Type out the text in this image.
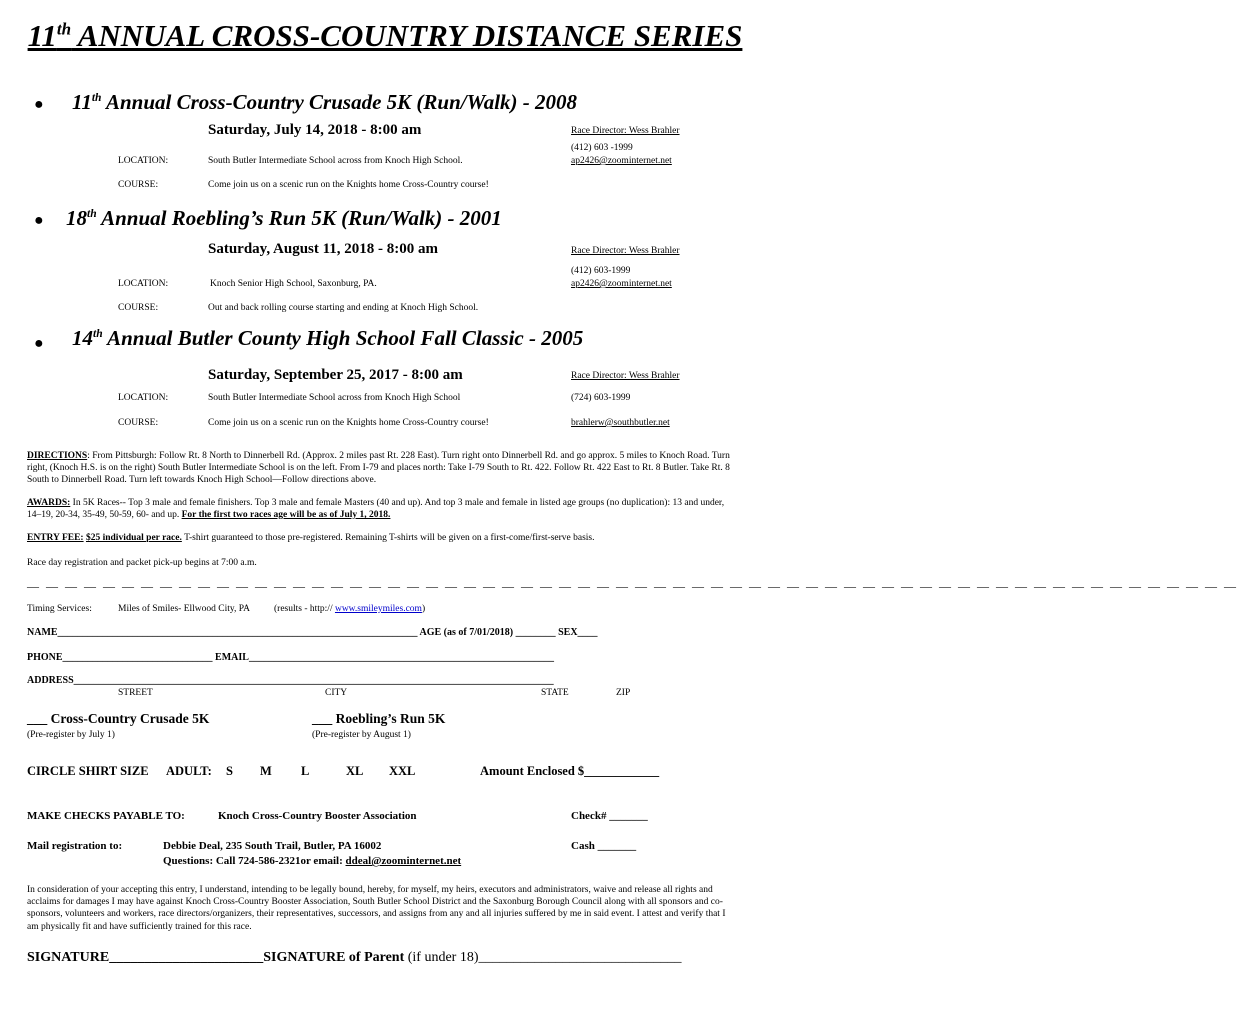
11th ANNUAL CROSS-COUNTRY DISTANCE SERIES
● 11th Annual Cross-Country Crusade 5K (Run/Walk) - 2008
Saturday, July 14, 2018 - 8:00 am	Race Director: Wess Brahler
(412) 603 -1999
ap2426@zoominternet.net
LOCATION:	South Butler Intermediate School across from Knoch High School.
COURSE:	Come join us on a scenic run on the Knights home Cross-Country course!
● 18th Annual Roebling’s Run 5K (Run/Walk) - 2001
Saturday, August 11, 2018 - 8:00 am	Race Director: Wess Brahler
(412) 603-1999
ap2426@zoominternet.net
LOCATION:	Knoch Senior High School, Saxonburg, PA.
COURSE:	Out and back rolling course starting and ending at Knoch High School.
● 14th Annual Butler County High School Fall Classic - 2005
Saturday, September 25, 2017 - 8:00 am	Race Director: Wess Brahler
LOCATION:	South Butler Intermediate School across from Knoch High School	(724) 603-1999
COURSE:	Come join us on a scenic run on the Knights home Cross-Country course!	brahlerw@southbutler.net
DIRECTIONS: From Pittsburgh: Follow Rt. 8 North to Dinnerbell Rd. (Approx. 2 miles past Rt. 228 East). Turn right onto Dinnerbell Rd. and go approx. 5 miles to Knoch Road. Turn right, (Knoch H.S. is on the right) South Butler Intermediate School is on the left. From I-79 and places north: Take I-79 South to Rt. 422. Follow Rt. 422 East to Rt. 8 Butler. Take Rt. 8 South to Dinnerbell Road. Turn left towards Knoch High School—Follow directions above.
AWARDS: In 5K Races-- Top 3 male and female finishers. Top 3 male and female Masters (40 and up). And top 3 male and female in listed age groups (no duplication): 13 and under, 14–19, 20-34, 35-49, 50-59, 60- and up. For the first two races age will be as of July 1, 2018.
ENTRY FEE: $25 individual per race. T-shirt guaranteed to those pre-registered. Remaining T-shirts will be given on a first-come/first-serve basis.
Race day registration and packet pick-up begins at 7:00 a.m.
— — — — — — — — — — — — — — — — — — — — — — — — — — — — — — — — — — — — — — — — — — — — — — — — — — — — — — — — — — — — — — — —
Timing Services:	Miles of Smiles- Ellwood City, PA	(results - http:// www.smileymiles.com)
NAME________________________________________________________________________ AGE (as of 7/01/2018) ________ SEX____
PHONE______________________________ EMAIL_____________________________________________________________
ADDRESS________________________________________________________________________________________________
STREET	CITY	STATE	ZIP
___ Cross-Country Crusade 5K
(Pre-register by July 1)
___ Roebling’s Run 5K
(Pre-register by August 1)
CIRCLE SHIRT SIZE ADULT: S M L	XL XXL	Amount Enclosed $____________
MAKE CHECKS PAYABLE TO:	Knoch Cross-Country Booster Association	Check# _______
Mail registration to:	Debbie Deal, 235 South Trail, Butler, PA 16002
Questions: Call 724-586-2321or email: ddeal@zoominternet.net
Cash _______
In consideration of your accepting this entry, I understand, intending to be legally bound, hereby, for myself, my heirs, executors and administrators, waive and release all rights and acclaims for damages I may have against Knoch Cross-Country Booster Association, South Butler School District and the Saxonburg Borough Council along with all sponsors and co-sponsors, volunteers and workers, race directors/organizers, their representatives, successors, and assigns from any and all injuries suffered by me in said event. I attest and verify that I am physically fit and have sufficiently trained for this race.
SIGNATURE______________________SIGNATURE of Parent (if under 18)_____________________________
